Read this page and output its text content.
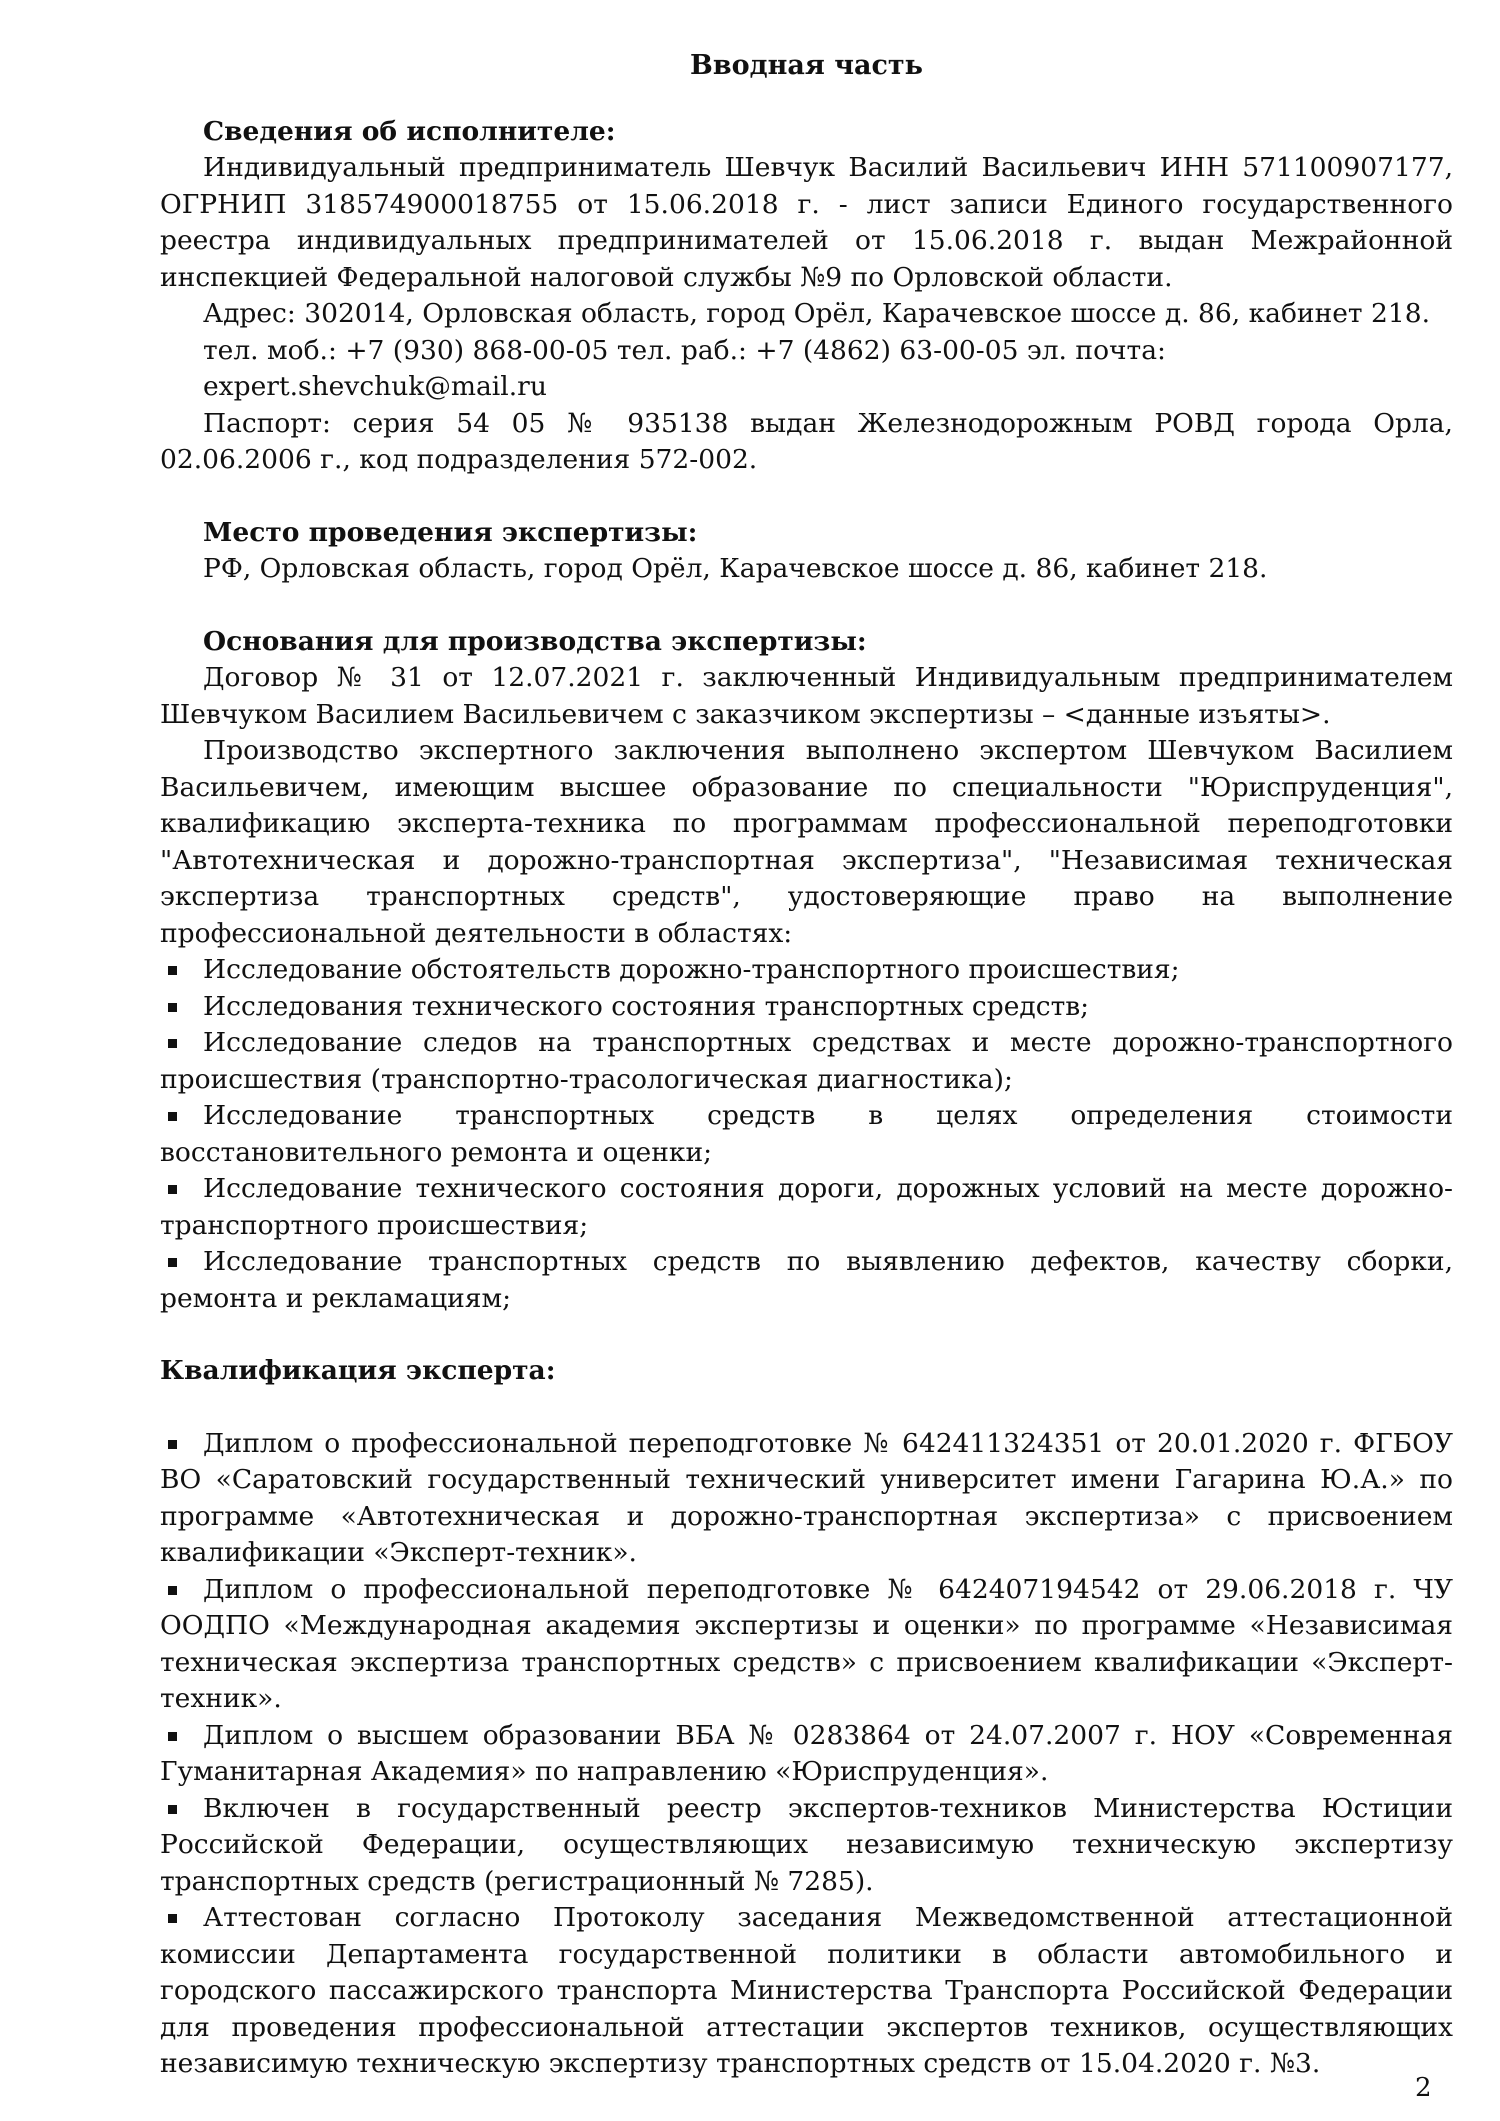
Вводная часть

Сведения об исполнителе:

Индивидуальный предприниматель Шевчук Василий Васильевич ИНН 571100907177, ОГРНИП 318574900018755 от 15.06.2018 г. - лист записи Единого государственного реестра индивидуальных предпринимателей от 15.06.2018 г. выдан Межрайонной инспекцией Федеральной налоговой службы №9 по Орловской области.

Адрес: 302014, Орловская область, город Орёл, Карачевское шоссе д. 86, кабинет 218.

тел. моб.: +7 (930) 868-00-05 тел. раб.: +7 (4862) 63-00-05 эл. почта: expert.shevchuk@mail.ru

Паспорт: серия 54 05 № 935138 выдан Железнодорожным РОВД города Орла, 02.06.2006 г., код подразделения 572-002.

Место проведения экспертизы:

РФ, Орловская область, город Орёл, Карачевское шоссе д. 86, кабинет 218.

Основания для производства экспертизы:

Договор № 31 от 12.07.2021 г. заключенный Индивидуальным предпринимателем Шевчуком Василием Васильевичем с заказчиком экспертизы – <данные изъяты>.

Производство экспертного заключения выполнено экспертом Шевчуком Василием Васильевичем, имеющим высшее образование по специальности "Юриспруденция", квалификацию эксперта-техника по программам профессиональной переподготовки "Автотехническая и дорожно-транспортная экспертиза", "Независимая техническая экспертиза транспортных средств", удостоверяющие право на выполнение профессиональной деятельности в областях:

Исследование обстоятельств дорожно-транспортного происшествия;
Исследования технического состояния транспортных средств;
Исследование следов на транспортных средствах и месте дорожно-транспортного происшествия (транспортно-трасологическая диагностика);
Исследование транспортных средств в целях определения стоимости восстановительного ремонта и оценки;
Исследование технического состояния дороги, дорожных условий на месте дорожно-транспортного происшествия;
Исследование транспортных средств по выявлению дефектов, качеству сборки, ремонта и рекламациям;

Квалификация эксперта:

Диплом о профессиональной переподготовке № 642411324351 от 20.01.2020 г. ФГБОУ ВО «Саратовский государственный технический университет имени Гагарина Ю.А.» по программе «Автотехническая и дорожно-транспортная экспертиза» с присвоением квалификации «Эксперт-техник».
Диплом о профессиональной переподготовке № 642407194542 от 29.06.2018 г. ЧУ ООДПО «Международная академия экспертизы и оценки» по программе «Независимая техническая экспертиза транспортных средств» с присвоением квалификации «Эксперт-техник».
Диплом о высшем образовании ВБА № 0283864 от 24.07.2007 г. НОУ «Современная Гуманитарная Академия» по направлению «Юриспруденция».
Включен в государственный реестр экспертов-техников Министерства Юстиции Российской Федерации, осуществляющих независимую техническую экспертизу транспортных средств (регистрационный № 7285).
Аттестован согласно Протоколу заседания Межведомственной аттестационной комиссии Департамента государственной политики в области автомобильного и городского пассажирского транспорта Министерства Транспорта Российской Федерации для проведения профессиональной аттестации экспертов техников, осуществляющих независимую техническую экспертизу транспортных средств от 15.04.2020 г. №3.
2
